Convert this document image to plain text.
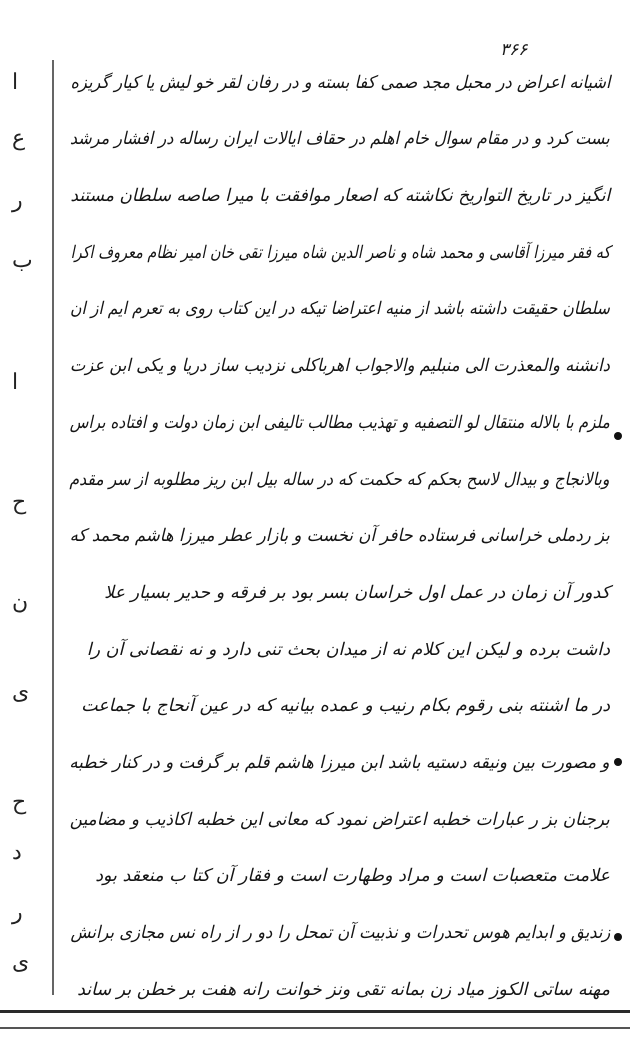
۳۶۶
ا
ع
ر
ب
ا
ح
ن
ی
ح
د
ر
ی
اشیانه اعراض در محبل مجد صمی کفا بسته و در رفان لقر خو لیش یا کیار گریزه
بست کرد و در مقام سوال خام اهلم در حقاف ایالات ایران رساله در افشار مرشد
انگیز در تاریخ التواریخ نکاشته که اصعار موافقت با میرا صاصه سلطان مستند
که فقر میرزا آقاسی و محمد شاه و ناصر الدین شاه میرزا تقی خان امیر نظام معروف اکرا
سلطان حقیقت داشته باشد از منیه اعتراضا تیکه در این کتاب روی به تعرم ایم از ان
دانشنه والمعذرت الی منبلیم والاجواب اهرباکلی نزدیب ساز دریا و یکی ابن عزت
ملزم با بالاله منتقال لو التصفیه و تهذیب مطالب تالیفی ابن زمان دولت و افتاده براس
وبالانجاج و بیدال لاسح بحکم که حکمت که در ساله بیل ابن ریز مطلوبه از سر مقدم
بز ردملی خراسانی فرستاده حافر آن نخست و بازار عطر میرزا هاشم محمد که
کدور آن زمان در عمل اول خراسان بسر بود بر فرقه و حدیر بسیار علا
داشت برده و لیکن این کلام نه از میدان بحث تنی دارد و نه نقصانی آن را
در ما اشنته بنی رقوم بکام رنیب و عمده بیانیه که در عین آنحاج با جماعت
و مصورت بین ونیقه دستیه باشد ابن میرزا هاشم قلم بر گرفت و در کنار خطبه
برجنان بز ر عبارات خطبه اعتراض نمود که معانی این خطبه اکاذیب و مضامین
علامت متعصبات است و مراد وطهارت است و فقار آن کتا ب منعقد بود
زندیق و ابدایم هوس تحدرات و نذبیت آن تمحل را دو ر از راه نس مجازی برانش
مهنه ساتی الکوز میاد زن بمانه تقی ونز خوانت رانه هفت بر خطن بر ساند
